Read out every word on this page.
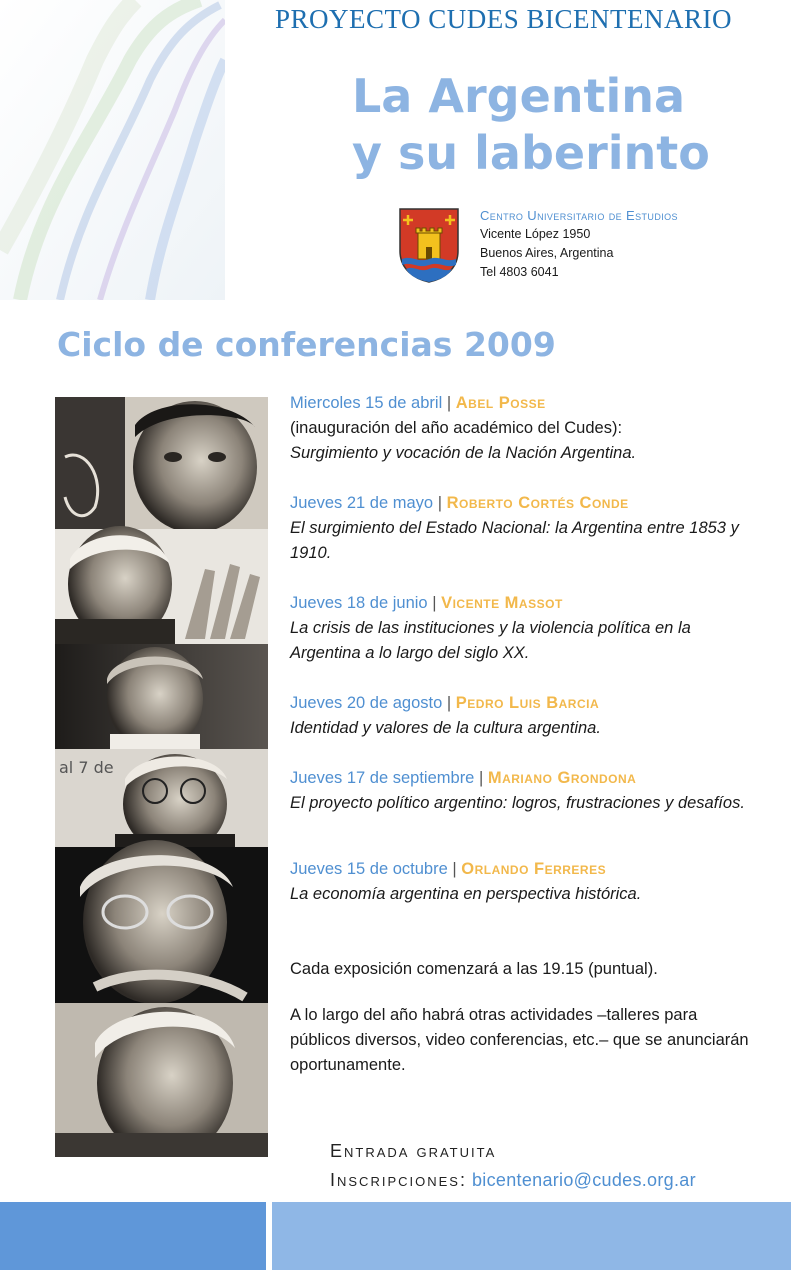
PROYECTO CUDES BICENTENARIO
La Argentina
y su laberinto
Centro Universitario de Estudios
Vicente López 1950
Buenos Aires, Argentina
Tel 4803 6041
Ciclo de conferencias 2009
al 7 de
Miercoles 15 de abril | Abel Posse
(inauguración del año académico del Cudes):
Surgimiento y vocación de la Nación Argentina.
Jueves 21 de mayo | Roberto Cortés Conde
El surgimiento del Estado Nacional: la Argentina entre 1853 y 1910.
Jueves 18 de junio | Vicente Massot
La crisis de las instituciones y la violencia política en la Argentina a lo largo del siglo XX.
Jueves 20 de agosto | Pedro Luis Barcia
Identidad y valores de la cultura argentina.
Jueves 17 de septiembre | Mariano Grondona
El proyecto político argentino: logros, frustraciones y desafíos.
Jueves 15 de octubre | Orlando Ferreres
La economía argentina en perspectiva histórica.

Cada exposición comenzará a las 19.15 (puntual).

A lo largo del año habrá otras actividades –talleres para públicos diversos, video conferencias, etc.– que se anunciarán oportunamente.

Entrada gratuita
Inscripciones: bicentenario@cudes.org.ar
